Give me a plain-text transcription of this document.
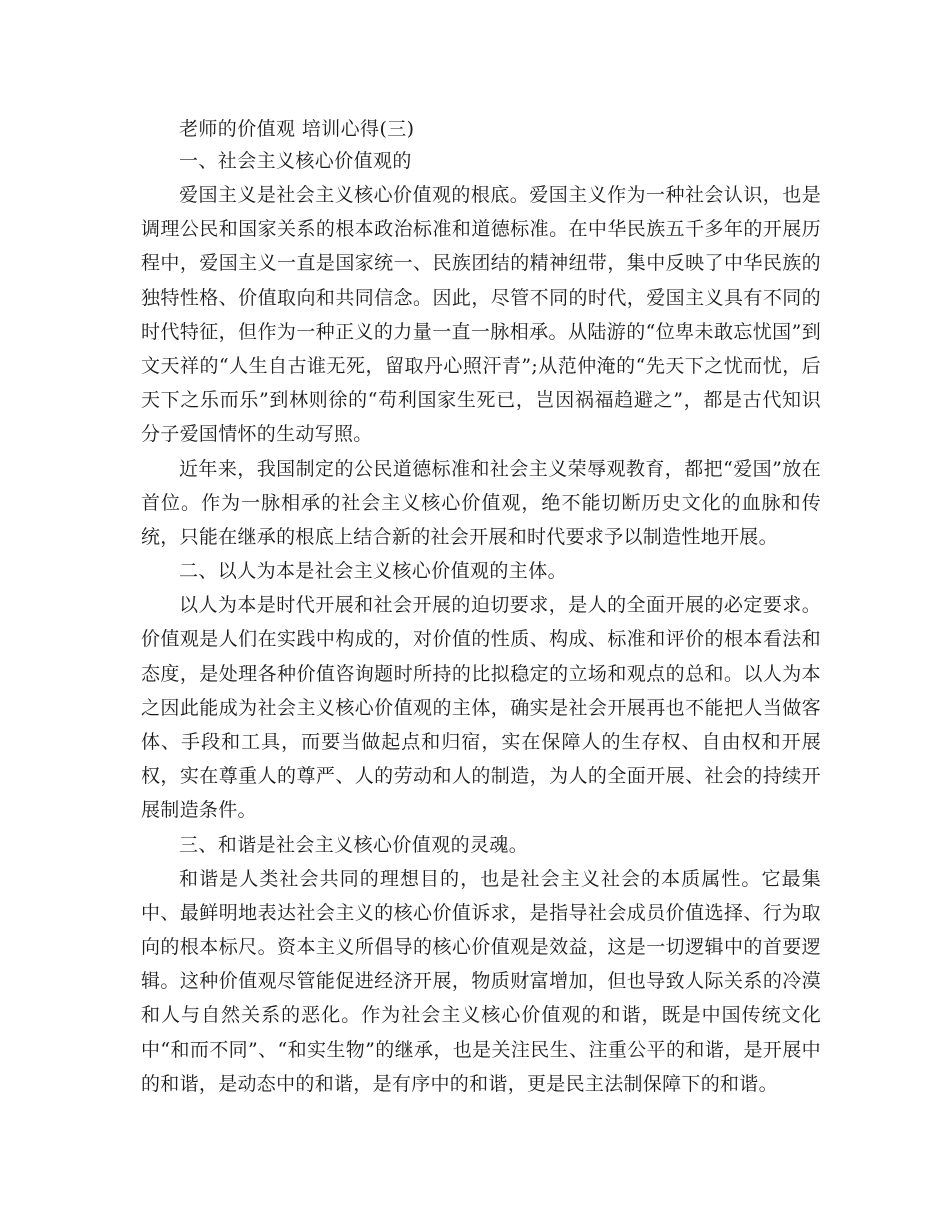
老师的价值观 培训心得(三)

一、社会主义核心价值观的

爱国主义是社会主义核心价值观的根底。爱国主义作为一种社会认识，也是调理公民和国家关系的根本政治标准和道德标准。在中华民族五千多年的开展历程中，爱国主义一直是国家统一、民族团结的精神纽带，集中反映了中华民族的独特性格、价值取向和共同信念。因此，尽管不同的时代，爱国主义具有不同的时代特征，但作为一种正义的力量一直一脉相承。从陆游的“位卑未敢忘忧国”到文天祥的“人生自古谁无死，留取丹心照汗青”;从范仲淹的“先天下之忧而忧，后天下之乐而乐”到林则徐的“苟利国家生死已，岂因祸福趋避之”，都是古代知识分子爱国情怀的生动写照。

近年来，我国制定的公民道德标准和社会主义荣辱观教育，都把“爱国”放在首位。作为一脉相承的社会主义核心价值观，绝不能切断历史文化的血脉和传统，只能在继承的根底上结合新的社会开展和时代要求予以制造性地开展。

二、以人为本是社会主义核心价值观的主体。

以人为本是时代开展和社会开展的迫切要求，是人的全面开展的必定要求。价值观是人们在实践中构成的，对价值的性质、构成、标准和评价的根本看法和态度，是处理各种价值咨询题时所持的比拟稳定的立场和观点的总和。以人为本之因此能成为社会主义核心价值观的主体，确实是社会开展再也不能把人当做客体、手段和工具，而要当做起点和归宿，实在保障人的生存权、自由权和开展权，实在尊重人的尊严、人的劳动和人的制造，为人的全面开展、社会的持续开展制造条件。

三、和谐是社会主义核心价值观的灵魂。

和谐是人类社会共同的理想目的，也是社会主义社会的本质属性。它最集中、最鲜明地表达社会主义的核心价值诉求，是指导社会成员价值选择、行为取向的根本标尺。资本主义所倡导的核心价值观是效益，这是一切逻辑中的首要逻辑。这种价值观尽管能促进经济开展，物质财富增加，但也导致人际关系的冷漠和人与自然关系的恶化。作为社会主义核心价值观的和谐，既是中国传统文化中“和而不同”、“和实生物”的继承，也是关注民生、注重公平的和谐，是开展中的和谐，是动态中的和谐，是有序中的和谐，更是民主法制保障下的和谐。
